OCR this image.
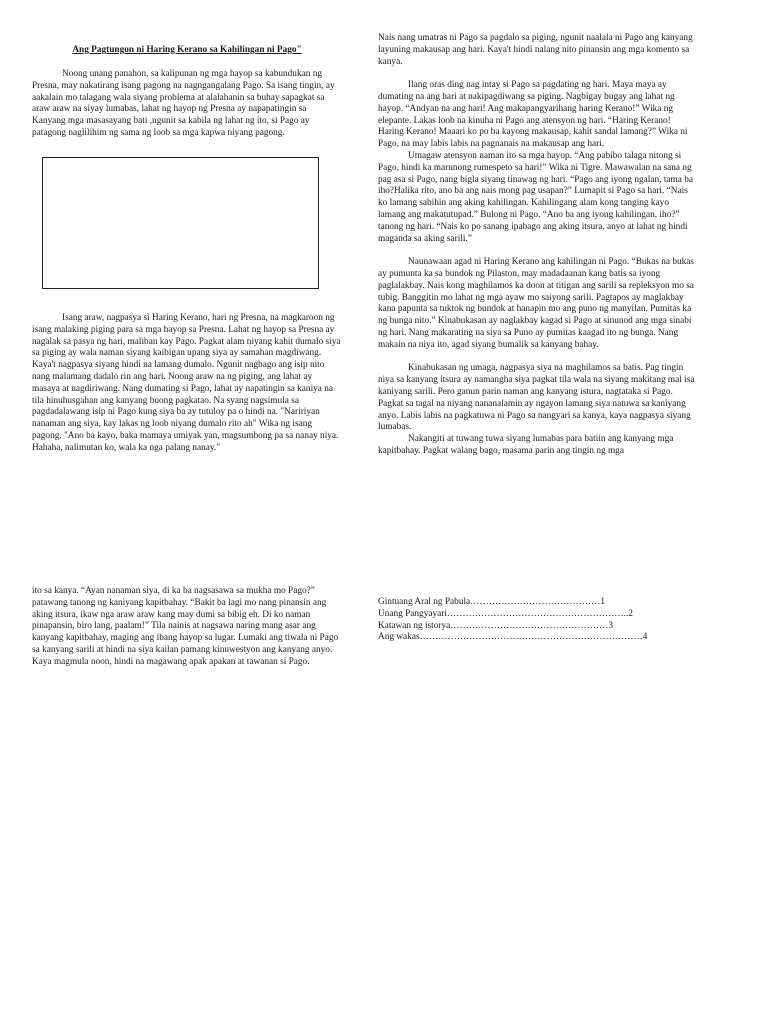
Ang Pagtungon ni Haring Kerano sa Kahilingan ni Pago"

Noong unang panahon, sa kalipunan ng mga hayop sa kabundukan ng Presna, may nakatirang isang pagong na nagngangalang Pago. Sa isang tingin, ay aakalain mo talagang wala siyang problema at alalahanin sa buhay sapagkat sa araw araw na siyay lumabas, lahat ng hayop ng Presna ay napapatingin sa Kanyang mga masasayang bati ,ngunit sa kabila ng lahat ng ito, si Pago ay patagong naglilihim ng sama ng loob sa mga kapwa niyang pagong.

Isang araw, nagpasya si Haring Kerano, hari ng Presna, na magkaroon ng isang malaking piging para sa mga hayop sa Presna. Lahat ng hayop sa Presna ay nagalak sa pasya ng hari, maliban kay Pago. Pagkat alam niyang kahit dumalo siya sa piging ay wala naman siyang kaibigan upang siya ay samahan magdiwang. Kaya't nagpasya siyang hindi na lamang dumalo. Ngunit nagbago ang isip nito nang malamang dadalo rin ang hari. Noong araw na ng piging, ang lahat ay masaya at nagdiriwang. Nang dumating si Pago, lahat ay napatingin sa kaniya na tila hinuhusgahan ang kanyang buong pagkatao. Na syang nagsimula sa pagdadalawang isip ni Pago kung siya ba ay tutuloy pa o hindi na. "Naririyan nanaman ang siya, kay lakas ng loob niyang dumalo rito ah" Wika ng isang pagong. "Ano ba kayo, baka mamaya umiyak yan, magsumbong pa sa nanay niya. Hahaha, nalimutan ko, wala ka nga palang nanay."

ito sa kanya. “Ayan nanaman siya, di ka ba nagsasawa sa mukha mo Pago?” patawang tanong ng kaniyang kapitbahay. “Bakit ba lagi mo nang pinansin ang aking itsura, ikaw nga araw araw kang may dumi sa bibig eh. Di ko naman pinapansin, biro lang, paalam!” Tila nainis at nagsawa naring mang asar ang kanyang kapitbahay, maging ang ibang hayop sa lugar. Lumaki ang tiwala ni Pago sa kanyang sarili at hindi na siya kailan pamang kinuwestyon ang kanyang anyo. Kaya magmula noon, hindi na magawang apak apakan at tawanan si Pago.

Nais nang umatras ni Pago sa pagdalo sa piging, ngunit naalala ni Pago ang kanyang layuning makausap ang hari. Kaya't hindi nalang nito pinansin ang mga komento sa kanya.

Ilang oras ding nag intay si Pago sa pagdating ng hari. Maya maya ay dumating na ang hari at nakipagdiwang sa piging. Nagbigay bugay ang lahat ng hayop. “Andyan na ang hari! Ang makapangyarihang haring Kerano!” Wika ng elepante. Lakas loob na kinuha ni Pago ang atensyon ng hari. “Haring Kerano! Haring Kerano! Maaari ko po ba kayong makausap, kahit sandal lamang?” Wika ni Pago, na may labis labis na pagnanais na makausap ang hari.

Umagaw atensyon naman ito sa mga hayop. “Ang pabibo talaga nitong si Pago, hindi ka marunong rumespeto sa hari!” Wika ni Tigre. Mawawalan na sana ng pag asa si Pago, nang bigla siyang tinawag ng hari. “Pago ang iyong ngalan, tama ba iho?Halika rito, ano ba ang nais mong pag usapan?” Lumapit si Pago sa hari. “Nais ko lamang sabihin ang aking kahilingan. Kahilingang alam kong tanging kayo lamang ang makatutupad.” Bulong ni Pago. “Ano ba ang iyong kahilingan, iho?” tanong ng hari. “Nais ko po sanang ipabago ang aking itsura, anyo at lahat ng hindi maganda sa aking sarili.”

Naunawaan agad ni Haring Kerano ang kahilingan ni Pago. “Bukas na bukas ay pumunta ka sa bundok ng Pilaston, may madadaanan kang batis sa iyong paglalakbay. Nais kong maghilamos ka doon at titigan ang sarili sa repleksyon mo sa tubig. Banggitin mo lahat ng mga ayaw mo saiyong sarili. Pagtapos ay maglakbay kana papunta sa tuktok ng bundok at hanapin mo ang puno ng manyilan. Pumitas ka ng bunga nito.” Kinabukasan ay naglakbay kagad si Pago at sinunod ang mga sinabi ng hari. Nang makarating na siya sa Puno ay pumitas kaagad ito ng bunga. Nang makain na niya ito, agad siyang bumalik sa kanyang bahay.

Kinabukasan ng umaga, nagpasya siya na maghilamos sa batis. Pag tingin niya sa kanyang itsura ay namangha siya pagkat tila wala na siyang makitang mal isa kaniyang sarili. Pero ganun parin naman ang kanyang istura, nagtataka si Pago. Pagkat sa tagal na niyang nananalamin ay ngayon lamang siya natuwa sa kaniyang anyo. Labis labis na pagkatuwa ni Pago sa nangyari sa kanya, kaya nagpasya siyang lumabas.

Nakangiti at tuwang tuwa siyang lumabas para batiin ang kanyang mga kapitbahay. Pagkat walang bago, masama parin ang tingin ng mga

Gintuang Aral ng Pabula……………………………………1
Unang Pangyayari…………………………………………………..2
Katawan ng istorya……………………………………………3
Ang wakas………………………………………………………………4
